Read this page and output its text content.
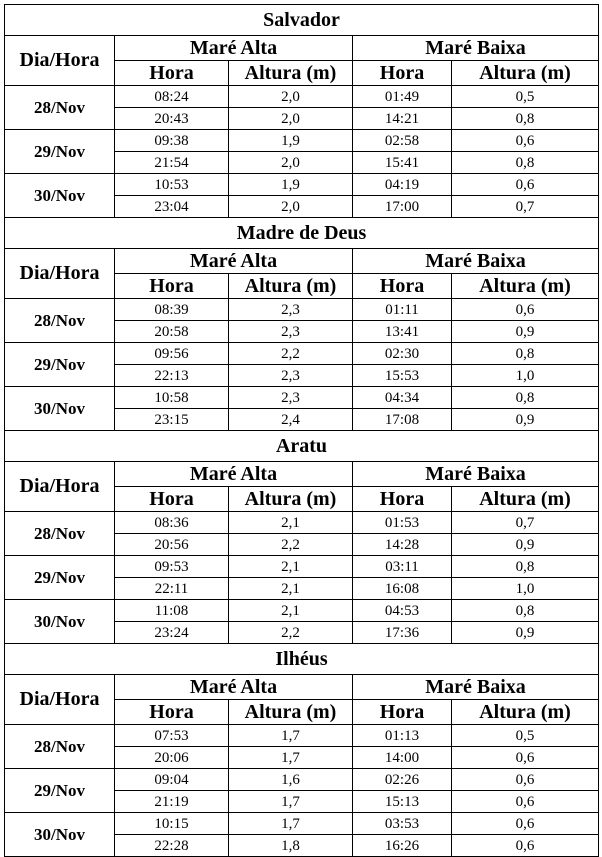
Salvador				
Dia/Hora	Maré Alta		Maré Baixa	
	Hora	Altura (m)	Hora	Altura (m)
28/Nov	08:24	2,0	01:49	0,5
	20:43	2,0	14:21	0,8
29/Nov	09:38	1,9	02:58	0,6
	21:54	2,0	15:41	0,8
30/Nov	10:53	1,9	04:19	0,6
	23:04	2,0	17:00	0,7
Madre de Deus				
Dia/Hora	Maré Alta		Maré Baixa	
	Hora	Altura (m)	Hora	Altura (m)
28/Nov	08:39	2,3	01:11	0,6
	20:58	2,3	13:41	0,9
29/Nov	09:56	2,2	02:30	0,8
	22:13	2,3	15:53	1,0
30/Nov	10:58	2,3	04:34	0,8
	23:15	2,4	17:08	0,9
Aratu				
Dia/Hora	Maré Alta		Maré Baixa	
	Hora	Altura (m)	Hora	Altura (m)
28/Nov	08:36	2,1	01:53	0,7
	20:56	2,2	14:28	0,9
29/Nov	09:53	2,1	03:11	0,8
	22:11	2,1	16:08	1,0
30/Nov	11:08	2,1	04:53	0,8
	23:24	2,2	17:36	0,9
Ilhéus				
Dia/Hora	Maré Alta		Maré Baixa	
	Hora	Altura (m)	Hora	Altura (m)
28/Nov	07:53	1,7	01:13	0,5
	20:06	1,7	14:00	0,6
29/Nov	09:04	1,6	02:26	0,6
	21:19	1,7	15:13	0,6
30/Nov	10:15	1,7	03:53	0,6
	22:28	1,8	16:26	0,6
